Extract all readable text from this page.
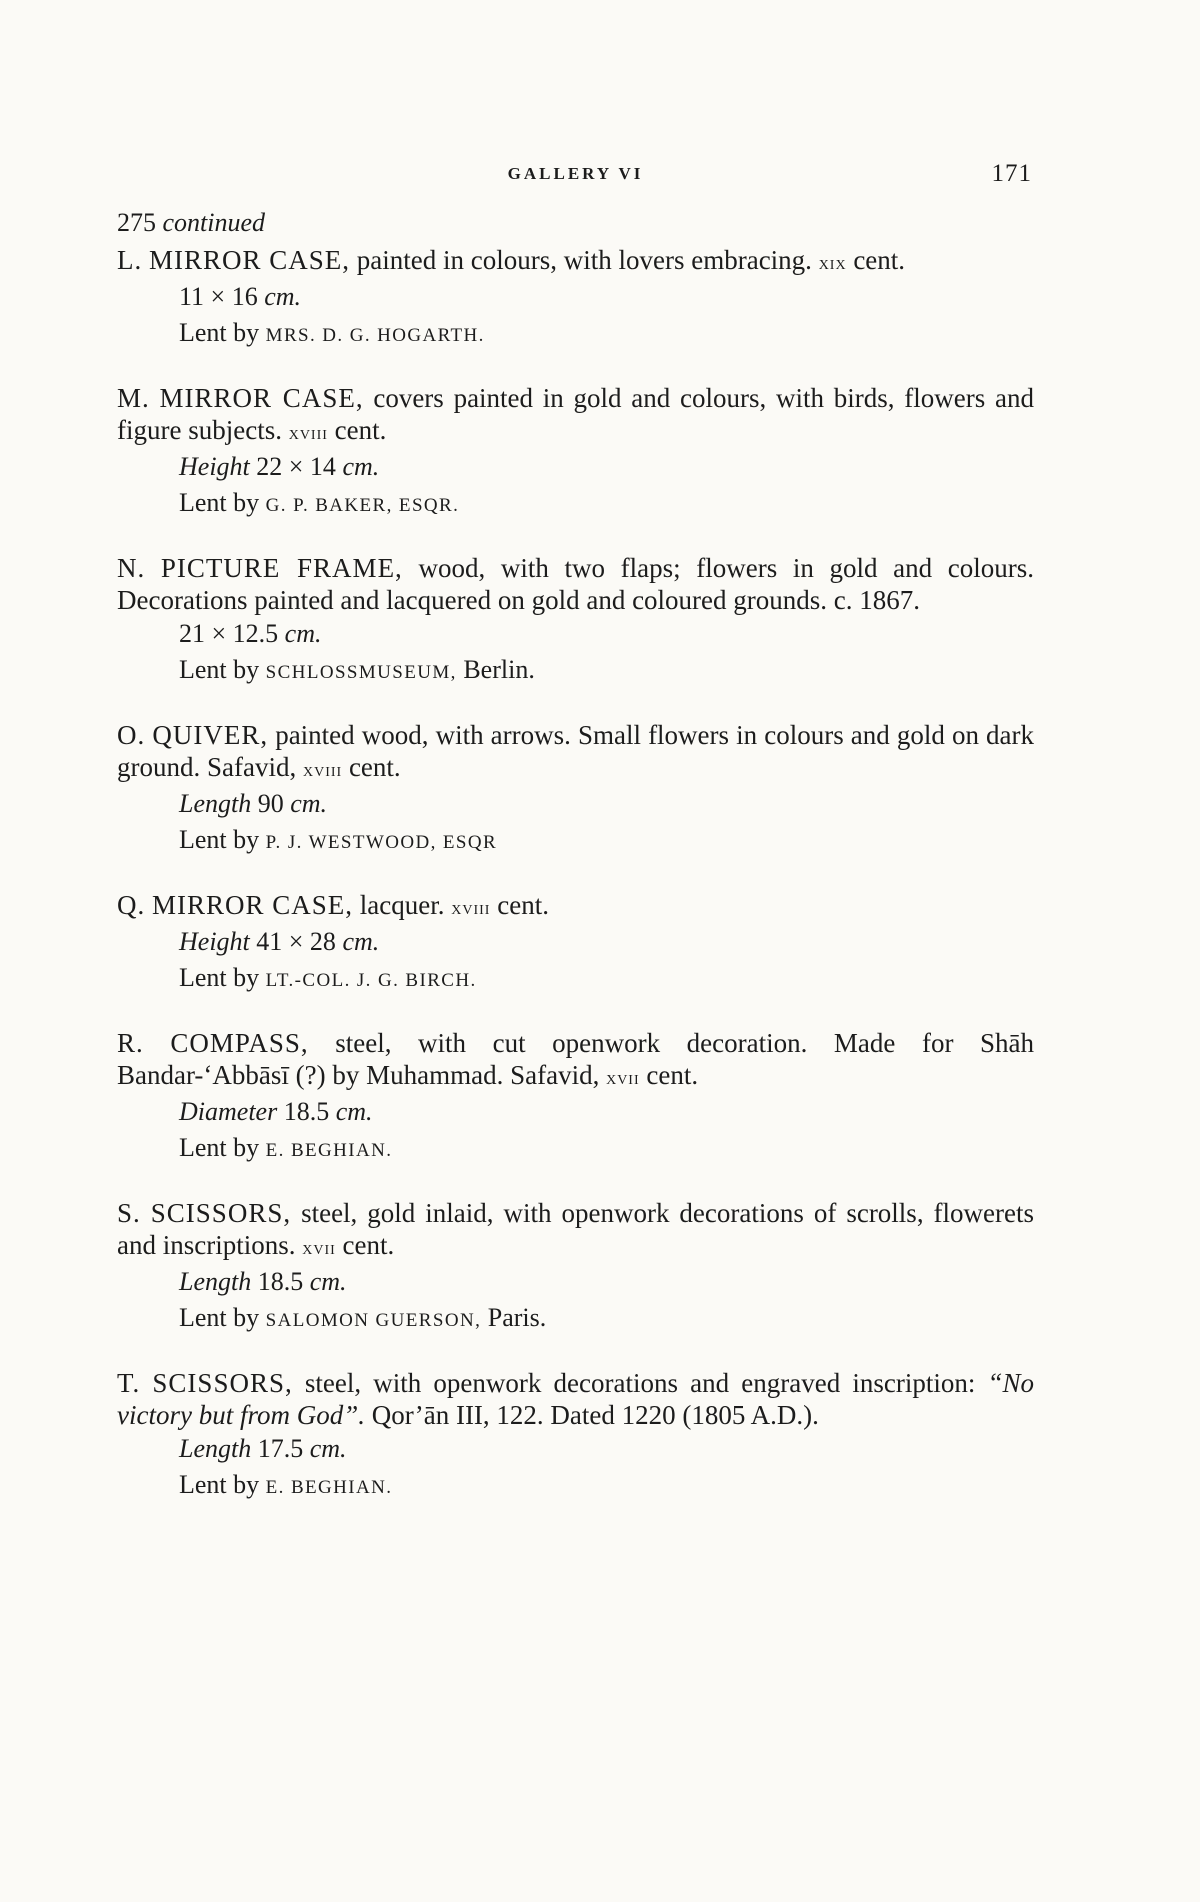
GALLERY VI	171
275 continued
L. MIRROR CASE, painted in colours, with lovers embracing. xix cent.
11 × 16 cm.
Lent by MRS. D. G. HOGARTH.
M. MIRROR CASE, covers painted in gold and colours, with birds, flowers and figure subjects. xviii cent.
Height 22 × 14 cm.
Lent by G. P. BAKER, ESQR.
N. PICTURE FRAME, wood, with two flaps; flowers in gold and colours. Decorations painted and lacquered on gold and coloured grounds. c. 1867.
21 × 12.5 cm.
Lent by SCHLOSSMUSEUM, Berlin.
O. QUIVER, painted wood, with arrows. Small flowers in colours and gold on dark ground. Safavid, xviii cent.
Length 90 cm.
Lent by P. J. WESTWOOD, ESQR
Q. MIRROR CASE, lacquer. xviii cent.
Height 41 × 28 cm.
Lent by LT.-COL. J. G. BIRCH.
R. COMPASS, steel, with cut openwork decoration. Made for Shāh Bandar-‘Abbāsī (?) by Muhammad. Safavid, xvii cent.
Diameter 18.5 cm.
Lent by E. BEGHIAN.
S. SCISSORS, steel, gold inlaid, with openwork decorations of scrolls, flowerets and inscriptions. xvii cent.
Length 18.5 cm.
Lent by SALOMON GUERSON, Paris.
T. SCISSORS, steel, with openwork decorations and engraved inscription: “No victory but from God”. Qor’ān III, 122. Dated 1220 (1805 A.D.).
Length 17.5 cm.
Lent by E. BEGHIAN.
